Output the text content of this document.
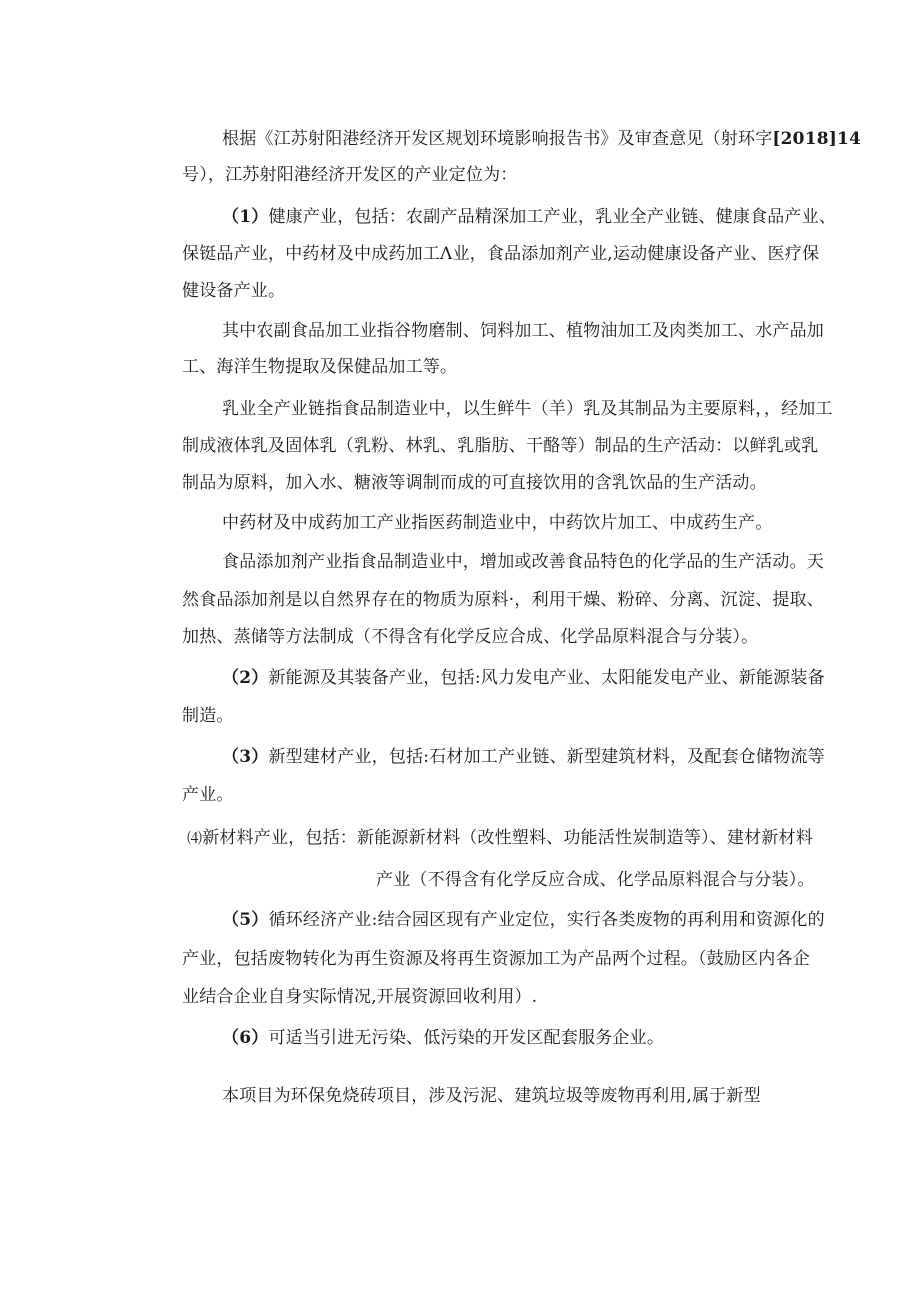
根据《江苏射阳港经济开发区规划环境影响报告书》及审查意见（射环字[2018]14
号），江苏射阳港经济开发区的产业定位为：
（1）健康产业，包括：农副产品精深加工产业，乳业全产业链、健康食品产业、
保铤品产业，中药材及中成药加工Λ业，食品添加剂产业,运动健康设备产业、医疗保
健设备产业。
其中农副食品加工业指谷物磨制、饲料加工、植物油加工及肉类加工、水产品加
工、海洋生物提取及保健品加工等。
乳业全产业链指食品制造业中，以生鲜牛（羊）乳及其制品为主要原料，，经加工
制成液体乳及固体乳（乳粉、林乳、乳脂肪、干酪等）制品的生产活动：以鲜乳或乳
制品为原料，加入水、糖液等调制而成的可直接饮用的含乳饮品的生产活动。
中药材及中成药加工产业指医药制造业中，中药饮片加工、中成药生产。
食品添加剂产业指食品制造业中，增加或改善食品特色的化学品的生产活动。天
然食品添加剂是以自然界存在的物质为原料·，利用干燥、粉碎、分离、沉淀、提取、
加热、蒸储等方法制成（不得含有化学反应合成、化学品原料混合与分装）。
（2）新能源及其装备产业，包括:风力发电产业、太阳能发电产业、新能源装备
制造。
（3）新型建材产业，包括:石材加工产业链、新型建筑材料，及配套仓储物流等
产业。
⑷新材料产业，包括：新能源新材料（改性塑料、功能活性炭制造等）、建材新材料
产业（不得含有化学反应合成、化学品原料混合与分装）。
（5）循环经济产业:结合园区现有产业定位，实行各类废物的再利用和资源化的
产业，包括废物转化为再生资源及将再生资源加工为产品两个过程。（鼓励区内各企
业结合企业自身实际情况,开展资源回收利用）.
（6）可适当引进无污染、低污染的开发区配套服务企业。
本项目为环保免烧砖项目，涉及污泥、建筑垃圾等废物再利用,属于新型
